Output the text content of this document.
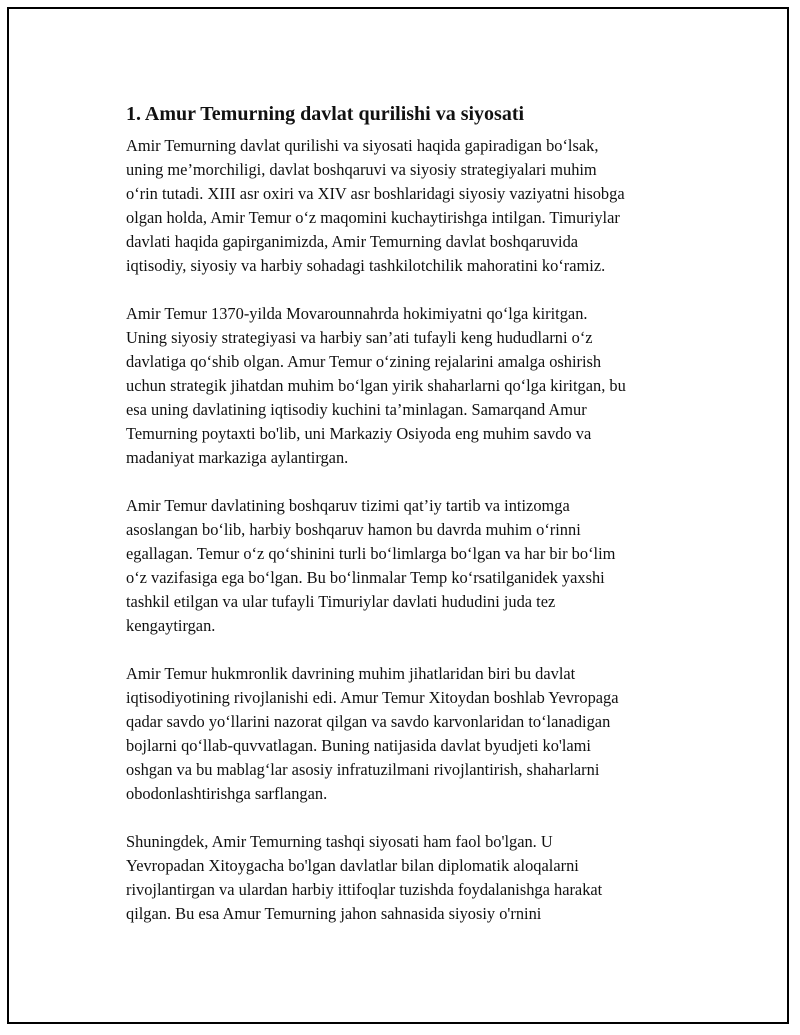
1. Amur Temurning davlat qurilishi va siyosati

Amir Temurning davlat qurilishi va siyosati haqida gapiradigan bo‘lsak,
uning me’morchiligi, davlat boshqaruvi va siyosiy strategiyalari muhim
o‘rin tutadi. XIII asr oxiri va XIV asr boshlaridagi siyosiy vaziyatni hisobga
olgan holda, Amir Temur o‘z maqomini kuchaytirishga intilgan. Timuriylar
davlati haqida gapirganimizda, Amir Temurning davlat boshqaruvida
iqtisodiy, siyosiy va harbiy sohadagi tashkilotchilik mahoratini ko‘ramiz.

Amir Temur 1370-yilda Movarounnahrda hokimiyatni qo‘lga kiritgan.
Uning siyosiy strategiyasi va harbiy san’ati tufayli keng hududlarni o‘z
davlatiga qo‘shib olgan. Amur Temur o‘zining rejalarini amalga oshirish
uchun strategik jihatdan muhim bo‘lgan yirik shaharlarni qo‘lga kiritgan, bu
esa uning davlatining iqtisodiy kuchini ta’minlagan. Samarqand Amur
Temurning poytaxti bo'lib, uni Markaziy Osiyoda eng muhim savdo va
madaniyat markaziga aylantirgan.

Amir Temur davlatining boshqaruv tizimi qat’iy tartib va intizomga
asoslangan bo‘lib, harbiy boshqaruv hamon bu davrda muhim o‘rinni
egallagan. Temur o‘z qo‘shinini turli bo‘limlarga bo‘lgan va har bir bo‘lim
o‘z vazifasiga ega bo‘lgan. Bu bo‘linmalar Temp ko‘rsatilganidek yaxshi
tashkil etilgan va ular tufayli Timuriylar davlati hududini juda tez
kengaytirgan.

Amir Temur hukmronlik davrining muhim jihatlaridan biri bu davlat
iqtisodiyotining rivojlanishi edi. Amur Temur Xitoydan boshlab Yevropaga
qadar savdo yo‘llarini nazorat qilgan va savdo karvonlaridan to‘lanadigan
bojlarni qo‘llab-quvvatlagan. Buning natijasida davlat byudjeti ko'lami
oshgan va bu mablag‘lar asosiy infratuzilmani rivojlantirish, shaharlarni
obodonlashtirishga sarflangan.

Shuningdek, Amir Temurning tashqi siyosati ham faol bo'lgan. U
Yevropadan Xitoygacha bo'lgan davlatlar bilan diplomatik aloqalarni
rivojlantirgan va ulardan harbiy ittifoqlar tuzishda foydalanishga harakat
qilgan. Bu esa Amur Temurning jahon sahnasida siyosiy o'rnini
